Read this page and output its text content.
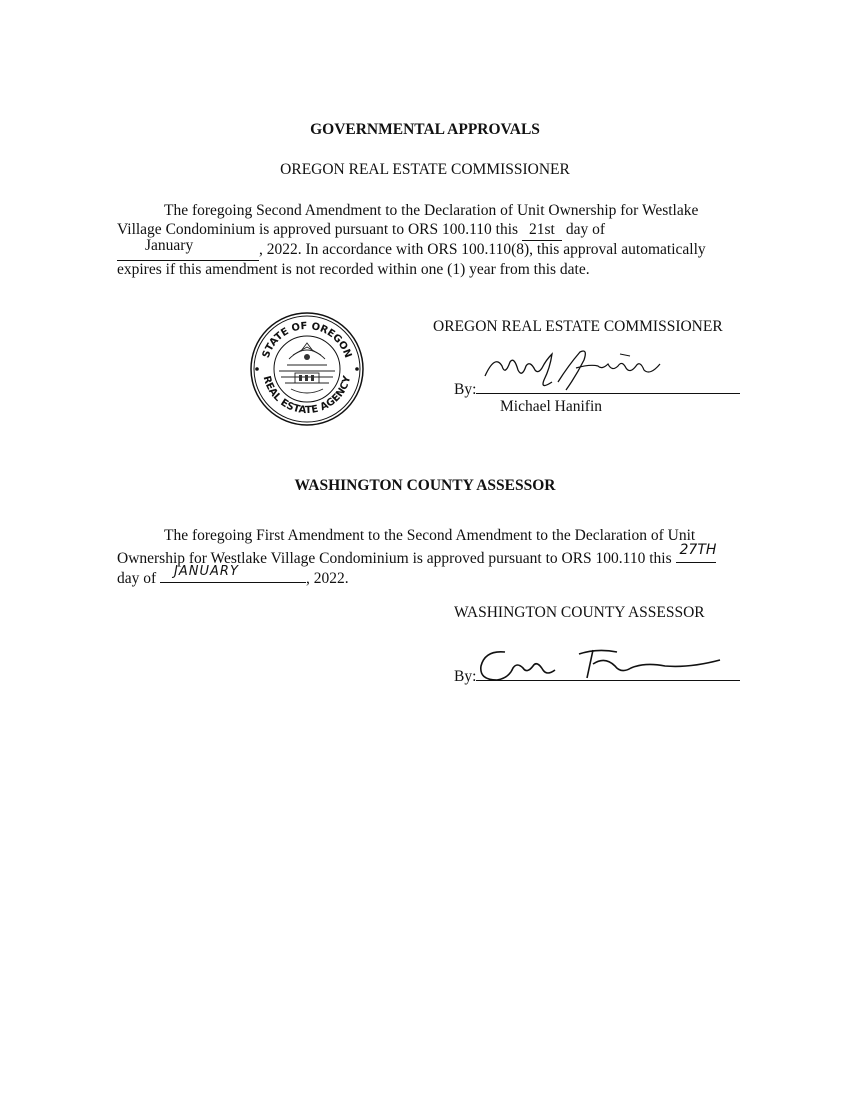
GOVERNMENTAL APPROVALS
OREGON REAL ESTATE COMMISSIONER
The foregoing Second Amendment to the Declaration of Unit Ownership for Westlake
Village Condominium is approved pursuant to ORS 100.110 this 21st day of
January	, 2022. In accordance with ORS 100.110(8), this approval automatically
expires if this amendment is not recorded within one (1) year from this date.
STATE OF OREGON
REAL ESTATE AGENCY
OREGON REAL ESTATE COMMISSIONER
By:
Michael Hanifin
WASHINGTON COUNTY ASSESSOR
The foregoing First Amendment to the Second Amendment to the Declaration of Unit
Ownership for Westlake Village Condominium is approved pursuant to ORS 100.110 this 27TH
day of JANUARY	, 2022.
WASHINGTON COUNTY ASSESSOR
By:
